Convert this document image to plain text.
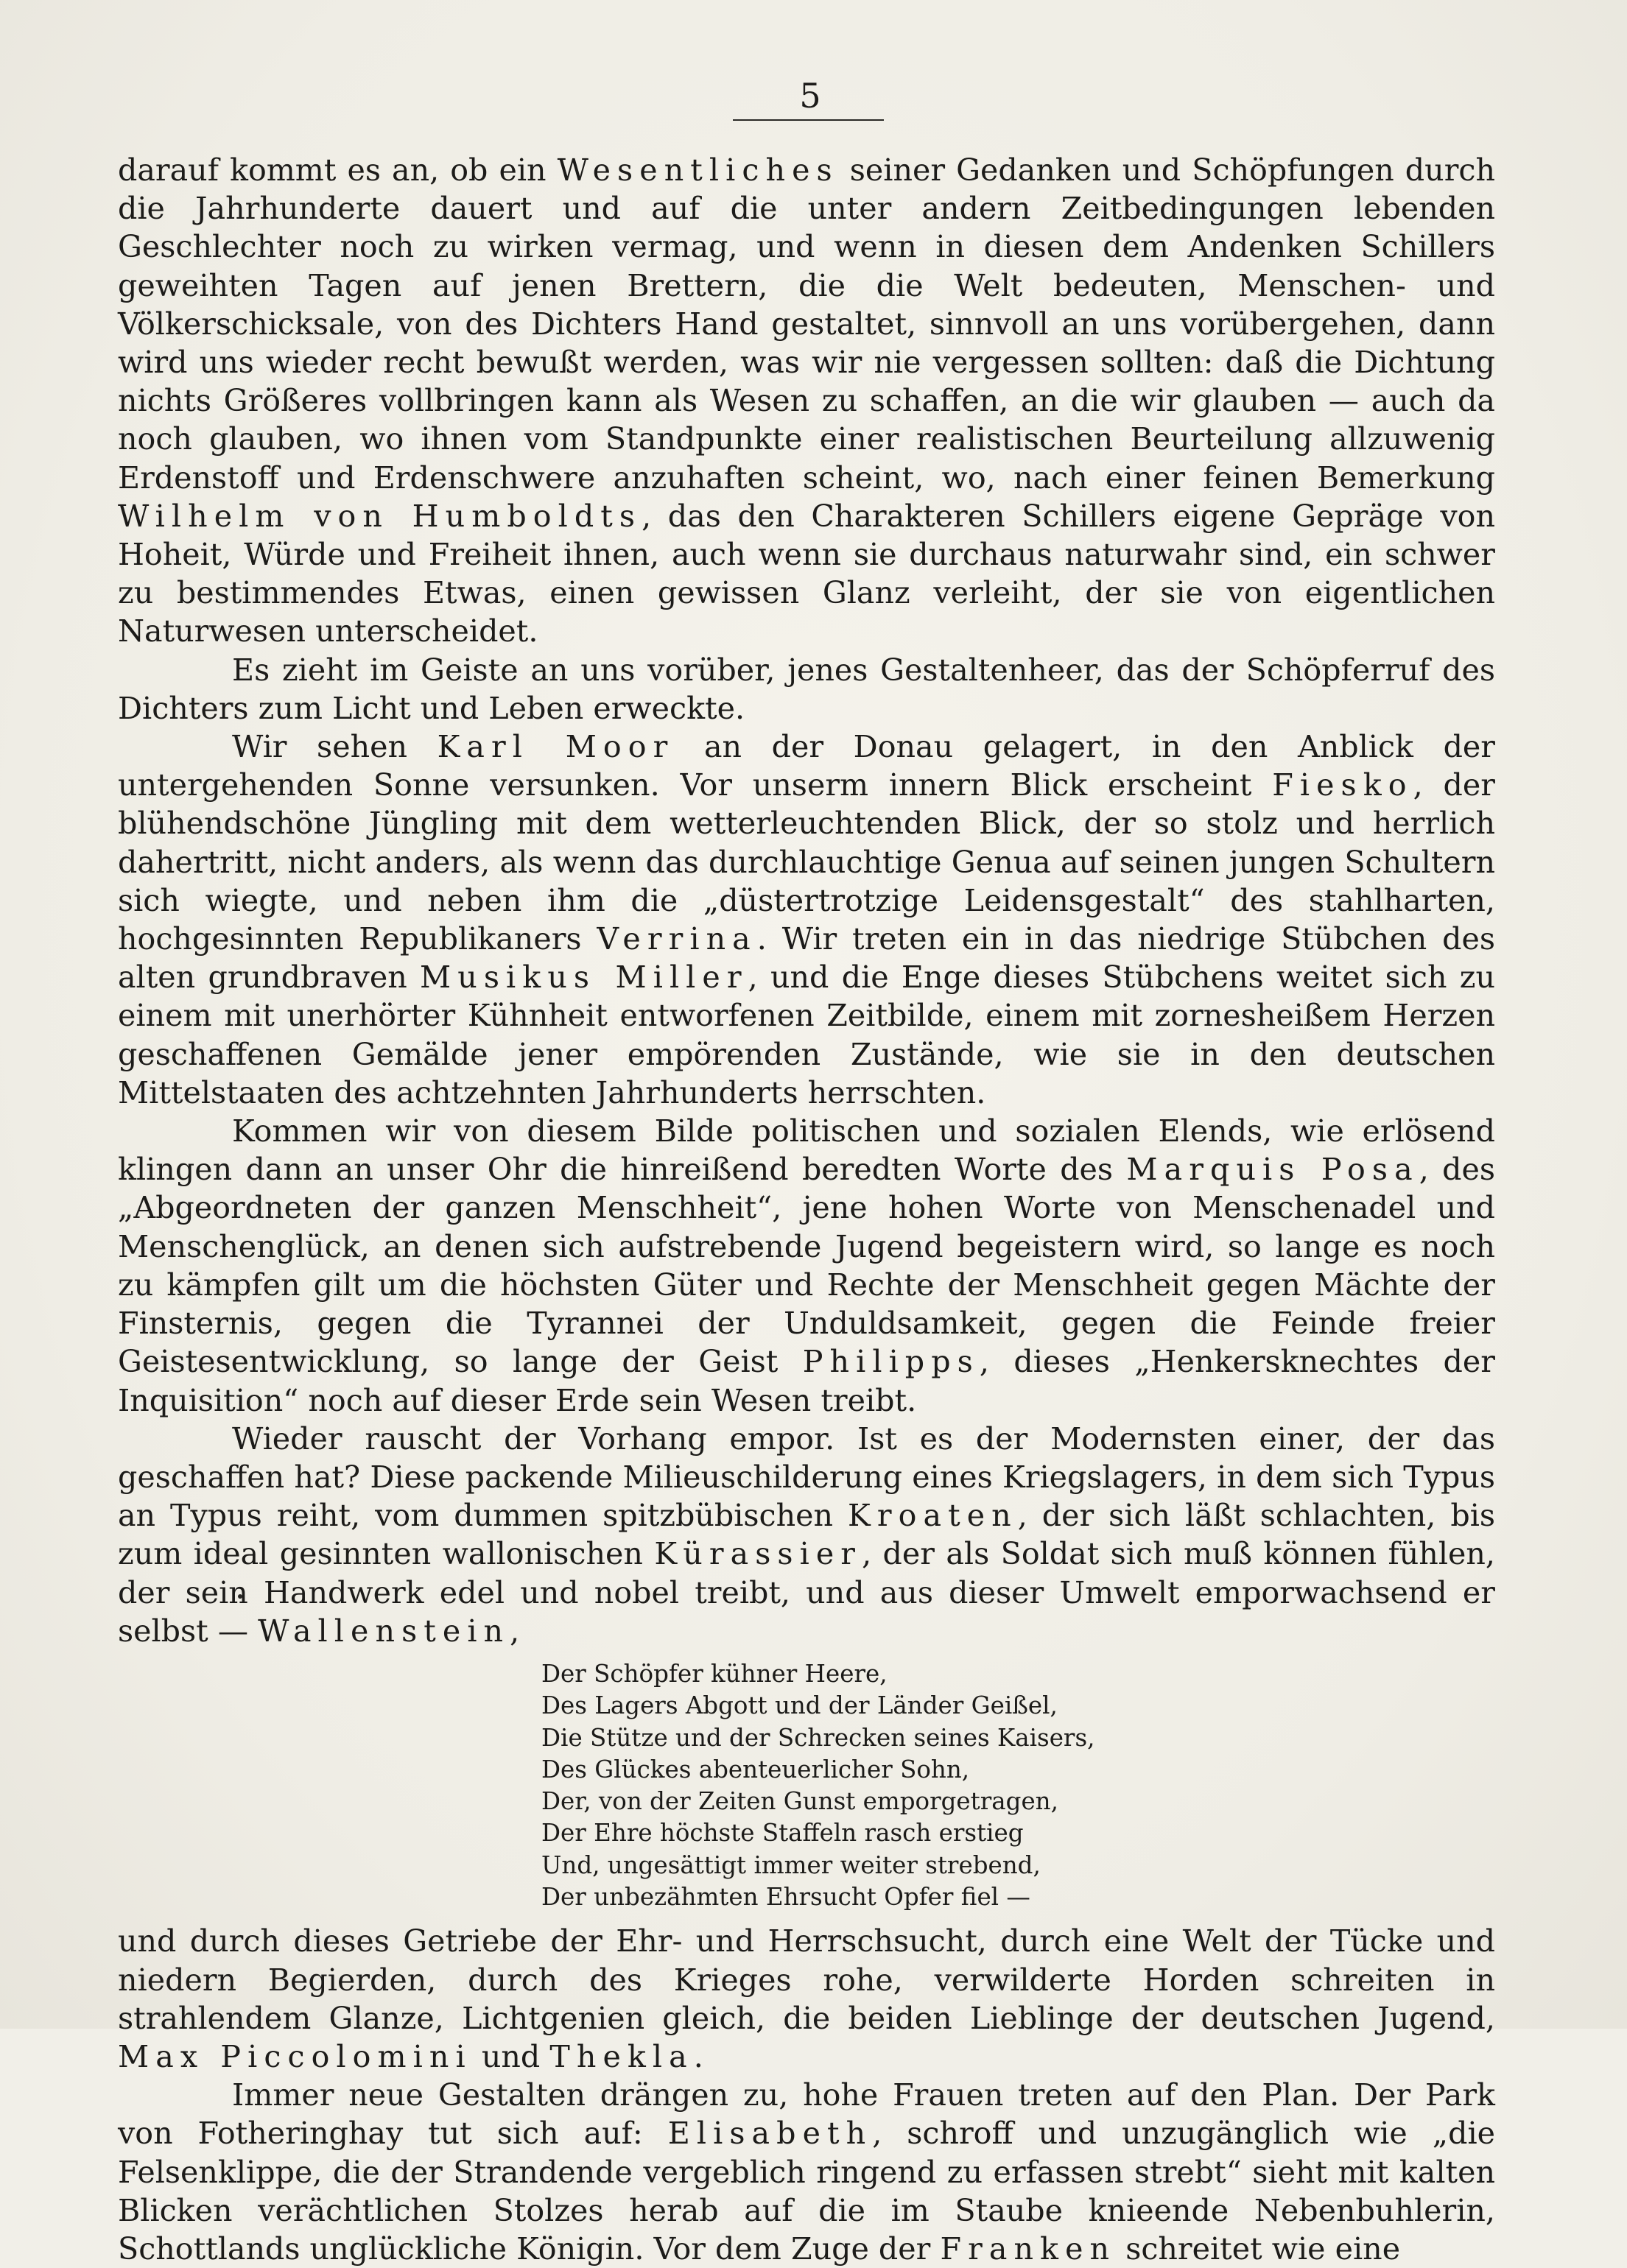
5

darauf kommt es an, ob ein Wesentliches seiner Gedanken und Schöpfungen durch die Jahrhunderte dauert und auf die unter andern Zeitbedingungen lebenden Geschlechter noch zu wirken vermag, und wenn in diesen dem Andenken Schillers geweihten Tagen auf jenen Brettern, die die Welt bedeuten, Menschen- und Völkerschicksale, von des Dichters Hand gestaltet, sinnvoll an uns vorübergehen, dann wird uns wieder recht bewußt werden, was wir nie vergessen sollten: daß die Dichtung nichts Größeres vollbringen kann als Wesen zu schaffen, an die wir glauben — auch da noch glauben, wo ihnen vom Standpunkte einer realistischen Beurteilung allzuwenig Erdenstoff und Erdenschwere anzuhaften scheint, wo, nach einer feinen Bemerkung Wilhelm von Humboldts, das den Charakteren Schillers eigene Gepräge von Hoheit, Würde und Freiheit ihnen, auch wenn sie durchaus naturwahr sind, ein schwer zu bestimmendes Etwas, einen gewissen Glanz verleiht, der sie von eigentlichen Naturwesen unterscheidet.

Es zieht im Geiste an uns vorüber, jenes Gestaltenheer, das der Schöpferruf des Dichters zum Licht und Leben erweckte.

Wir sehen Karl Moor an der Donau gelagert, in den Anblick der untergehenden Sonne versunken. Vor unserm innern Blick erscheint Fiesko, der blühendschöne Jüngling mit dem wetterleuchtenden Blick, der so stolz und herrlich dahertritt, nicht anders, als wenn das durchlauchtige Genua auf seinen jungen Schultern sich wiegte, und neben ihm die „düstertrotzige Leidensgestalt“ des stahlharten, hochgesinnten Republikaners Verrina. Wir treten ein in das niedrige Stübchen des alten grundbraven Musikus Miller, und die Enge dieses Stübchens weitet sich zu einem mit unerhörter Kühnheit entworfenen Zeitbilde, einem mit zornesheißem Herzen geschaffenen Gemälde jener empörenden Zustände, wie sie in den deutschen Mittelstaaten des achtzehnten Jahrhunderts herrschten.

Kommen wir von diesem Bilde politischen und sozialen Elends, wie erlösend klingen dann an unser Ohr die hinreißend beredten Worte des Marquis Posa, des „Abgeordneten der ganzen Menschheit“, jene hohen Worte von Menschenadel und Menschenglück, an denen sich aufstrebende Jugend begeistern wird, so lange es noch zu kämpfen gilt um die höchsten Güter und Rechte der Menschheit gegen Mächte der Finsternis, gegen die Tyrannei der Unduldsamkeit, gegen die Feinde freier Geistesentwicklung, so lange der Geist Philipps, dieses „Henkersknechtes der Inquisition“ noch auf dieser Erde sein Wesen treibt.

Wieder rauscht der Vorhang empor. Ist es der Modernsten einer, der das geschaffen hat? Diese packende Milieuschilderung eines Kriegslagers, in dem sich Typus an Typus reiht, vom dummen spitzbübischen Kroaten, der sich läßt schlachten, bis zum ideal gesinnten wallonischen Kürassier, der als Soldat sich muß können fühlen, der sein Handwerk edel und nobel treibt, und aus dieser Umwelt emporwachsend er selbst — Wallenstein,

Der Schöpfer kühner Heere,
Des Lagers Abgott und der Länder Geißel,
Die Stütze und der Schrecken seines Kaisers,
Des Glückes abenteuerlicher Sohn,
Der, von der Zeiten Gunst emporgetragen,
Der Ehre höchste Staffeln rasch erstieg
Und, ungesättigt immer weiter strebend,
Der unbezähmten Ehrsucht Opfer fiel —

und durch dieses Getriebe der Ehr- und Herrschsucht, durch eine Welt der Tücke und niedern Begierden, durch des Krieges rohe, verwilderte Horden schreiten in strahlendem Glanze, Lichtgenien gleich, die beiden Lieblinge der deutschen Jugend, Max Piccolomini und Thekla.

Immer neue Gestalten drängen zu, hohe Frauen treten auf den Plan. Der Park von Fotheringhay tut sich auf: Elisabeth, schroff und unzugänglich wie „die Felsenklippe, die der Strandende vergeblich ringend zu erfassen strebt“ sieht mit kalten Blicken verächtlichen Stolzes herab auf die im Staube knieende Nebenbuhlerin, Schottlands unglückliche Königin. Vor dem Zuge der Franken schreitet wie eine
